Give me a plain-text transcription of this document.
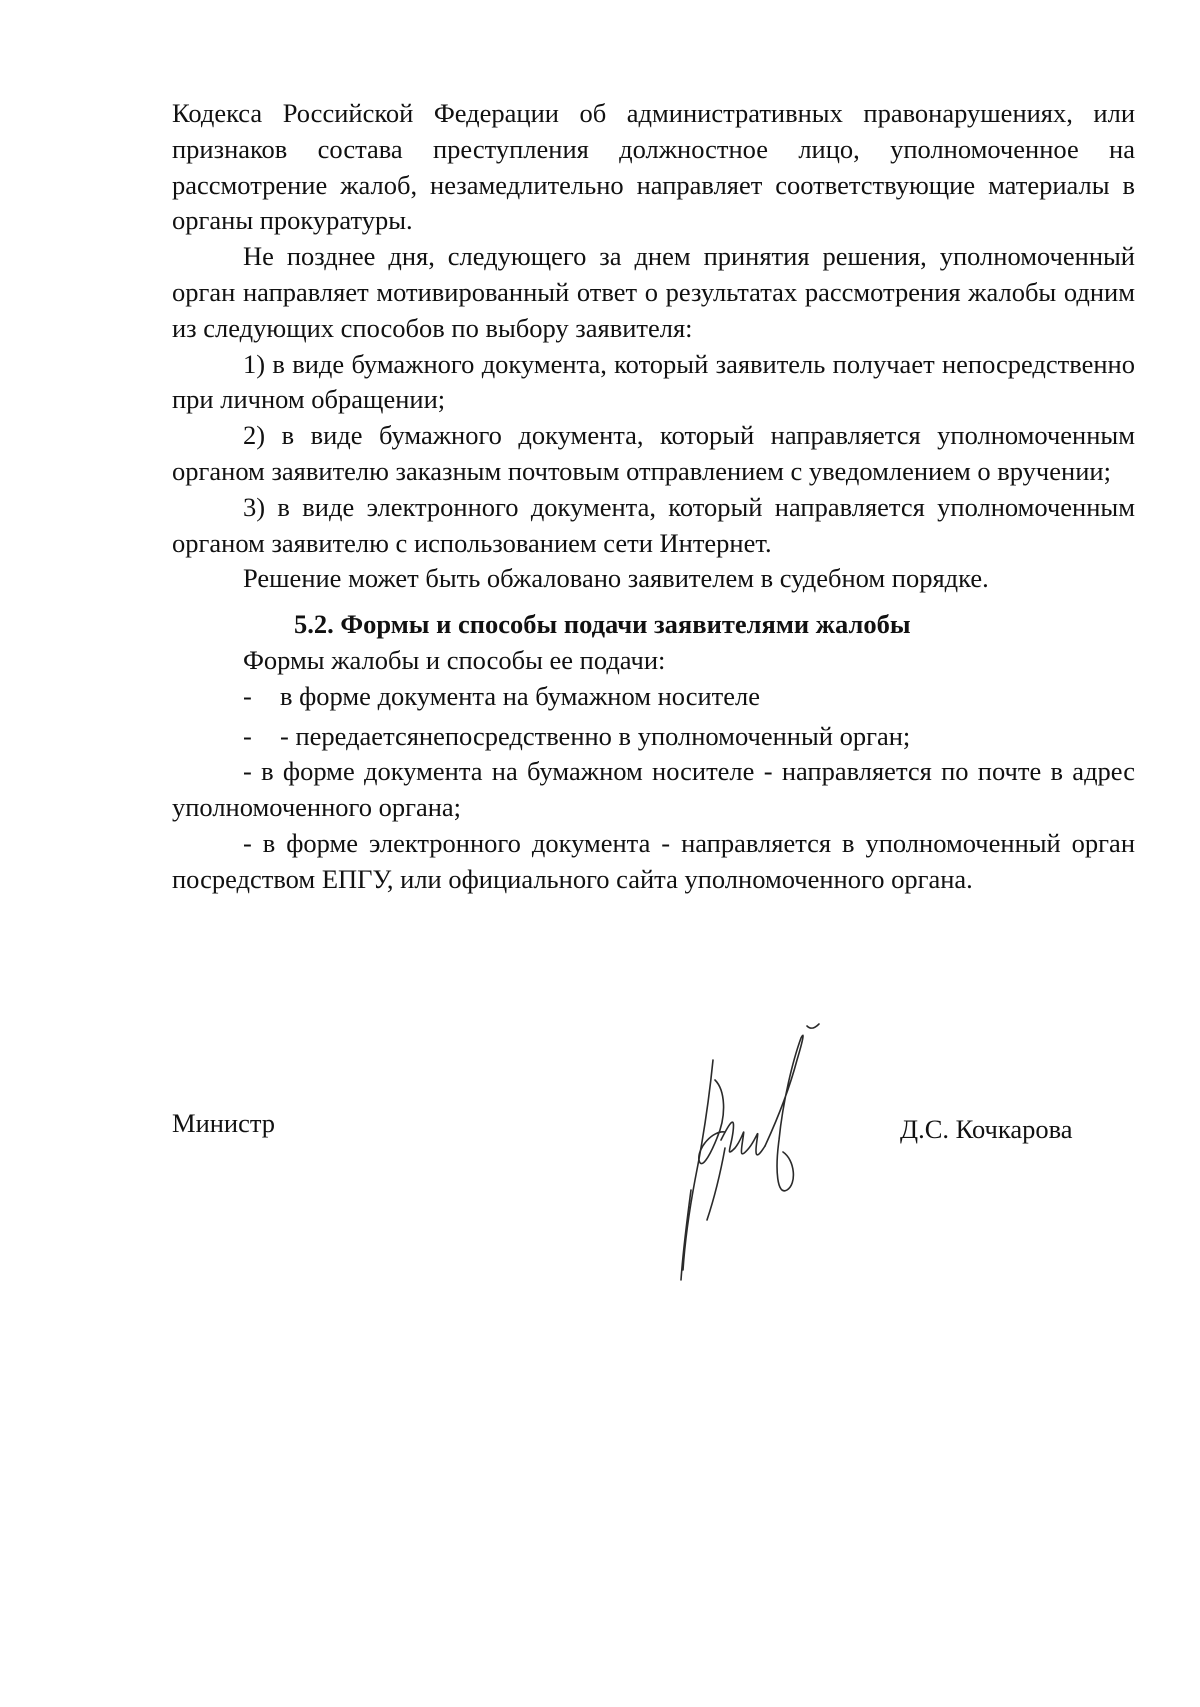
Кодекса Российской Федерации об административных правонарушениях, или признаков состава преступления должностное лицо, уполномоченное на рассмотрение жалоб, незамедлительно направляет соответствующие материалы в органы прокуратуры.

Не позднее дня, следующего за днем принятия решения, уполномоченный орган направляет мотивированный ответ о результатах рассмотрения жалобы одним из следующих способов по выбору заявителя:

1) в виде бумажного документа, который заявитель получает непосредственно при личном обращении;

2) в виде бумажного документа, который направляется уполномоченным органом заявителю заказным почтовым отправлением с уведомлением о вручении;

3) в виде электронного документа, который направляется уполномоченным органом заявителю с использованием сети Интернет.

Решение может быть обжаловано заявителем в судебном порядке.

5.2. Формы и способы подачи заявителями жалобы

Формы жалобы и способы ее подачи:

-	в форме документа на бумажном носителе
-	- передаетсянепосредственно в уполномоченный орган;

- в форме документа на бумажном носителе - направляется по почте в адрес уполномоченного органа;

- в форме электронного документа - направляется в уполномоченный орган посредством ЕПГУ, или официального сайта уполномоченного органа.

Министр	Д.С. Кочкарова
